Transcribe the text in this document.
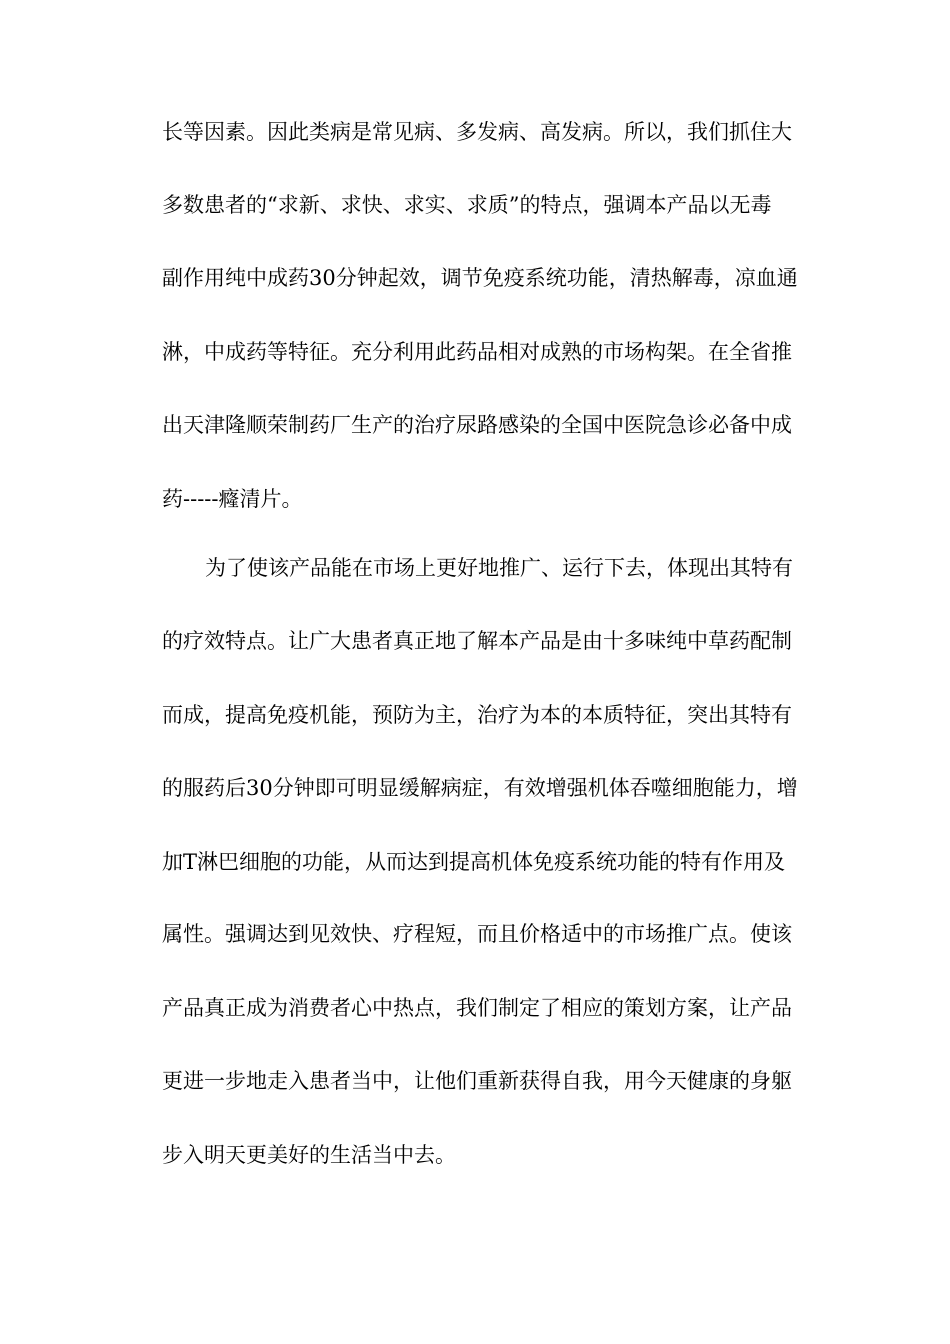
长等因素。因此类病是常见病、多发病、高发病。所以，我们抓住大
多数患者的“求新、求快、求实、求质”的特点，强调本产品以无毒
副作用纯中成药30分钟起效，调节免疫系统功能，清热解毒，凉血通
淋，中成药等特征。充分利用此药品相对成熟的市场构架。在全省推
出天津隆顺荣制药厂生产的治疗尿路感染的全国中医院急诊必备中成
药-----癃清片。
为了使该产品能在市场上更好地推广、运行下去，体现出其特有
的疗效特点。让广大患者真正地了解本产品是由十多味纯中草药配制
而成，提高免疫机能，预防为主，治疗为本的本质特征，突出其特有
的服药后30分钟即可明显缓解病症，有效增强机体吞噬细胞能力，增
加T淋巴细胞的功能，从而达到提高机体免疫系统功能的特有作用及
属性。强调达到见效快、疗程短，而且价格适中的市场推广点。使该
产品真正成为消费者心中热点，我们制定了相应的策划方案，让产品
更进一步地走入患者当中，让他们重新获得自我，用今天健康的身躯
步入明天更美好的生活当中去。
